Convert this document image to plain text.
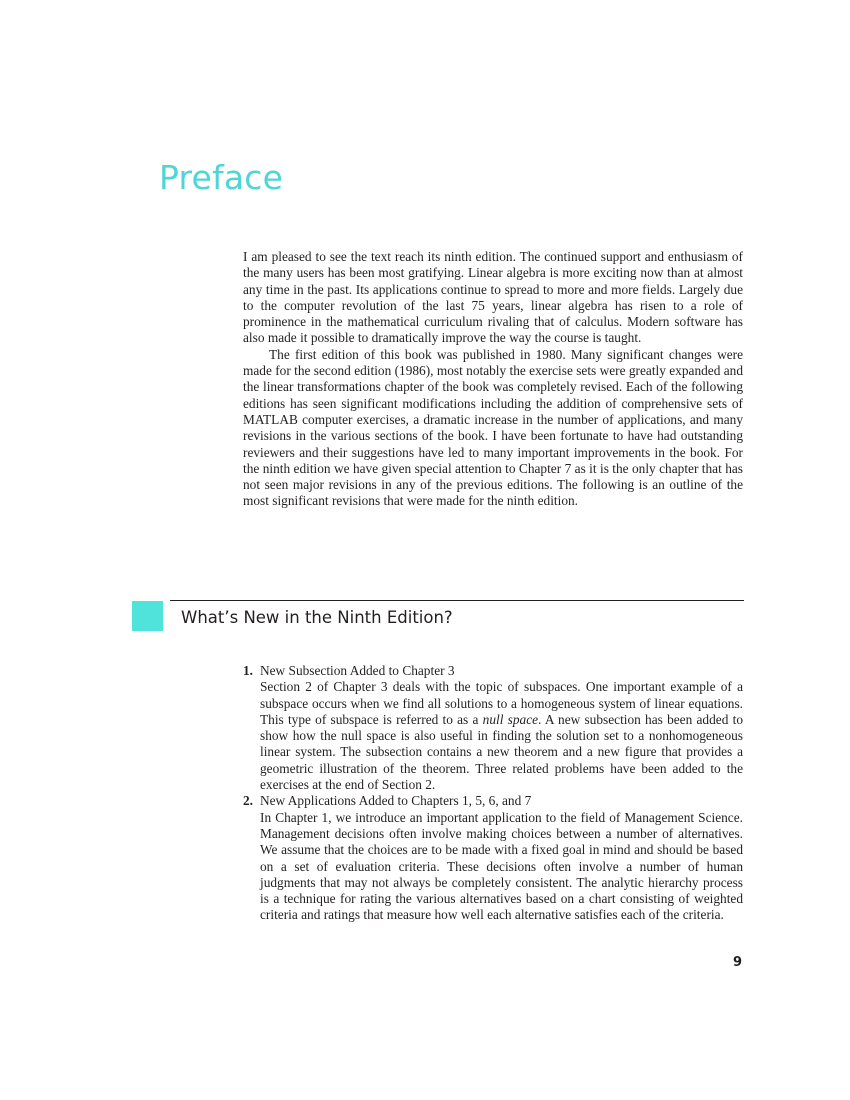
Preface

I am pleased to see the text reach its ninth edition. The continued support and enthusiasm of the many users has been most gratifying. Linear algebra is more exciting now than at almost any time in the past. Its applications continue to spread to more and more fields. Largely due to the computer revolution of the last 75 years, linear algebra has risen to a role of prominence in the mathematical curriculum rivaling that of calculus. Modern software has also made it possible to dramatically improve the way the course is taught.

The first edition of this book was published in 1980. Many significant changes were made for the second edition (1986), most notably the exercise sets were greatly expanded and the linear transformations chapter of the book was completely revised. Each of the following editions has seen significant modifications including the addition of comprehensive sets of MATLAB computer exercises, a dramatic increase in the number of applications, and many revisions in the various sections of the book. I have been fortunate to have had outstanding reviewers and their suggestions have led to many important improvements in the book. For the ninth edition we have given special attention to Chapter 7 as it is the only chapter that has not seen major revisions in any of the previous editions. The following is an outline of the most significant revisions that were made for the ninth edition.

What’s New in the Ninth Edition?
1. New Subsection Added to Chapter 3
Section 2 of Chapter 3 deals with the topic of subspaces. One important example of a subspace occurs when we find all solutions to a homogeneous system of linear equations. This type of subspace is referred to as a null space. A new subsection has been added to show how the null space is also useful in finding the solution set to a nonhomogeneous linear system. The subsection contains a new theorem and a new figure that provides a geometric illustration of the theorem. Three related problems have been added to the exercises at the end of Section 2.
2. New Applications Added to Chapters 1, 5, 6, and 7
In Chapter 1, we introduce an important application to the field of Management Science. Management decisions often involve making choices between a number of alternatives. We assume that the choices are to be made with a fixed goal in mind and should be based on a set of evaluation criteria. These decisions often involve a number of human judgments that may not always be completely consistent. The analytic hierarchy process is a technique for rating the various alternatives based on a chart consisting of weighted criteria and ratings that measure how well each alternative satisfies each of the criteria.
9
